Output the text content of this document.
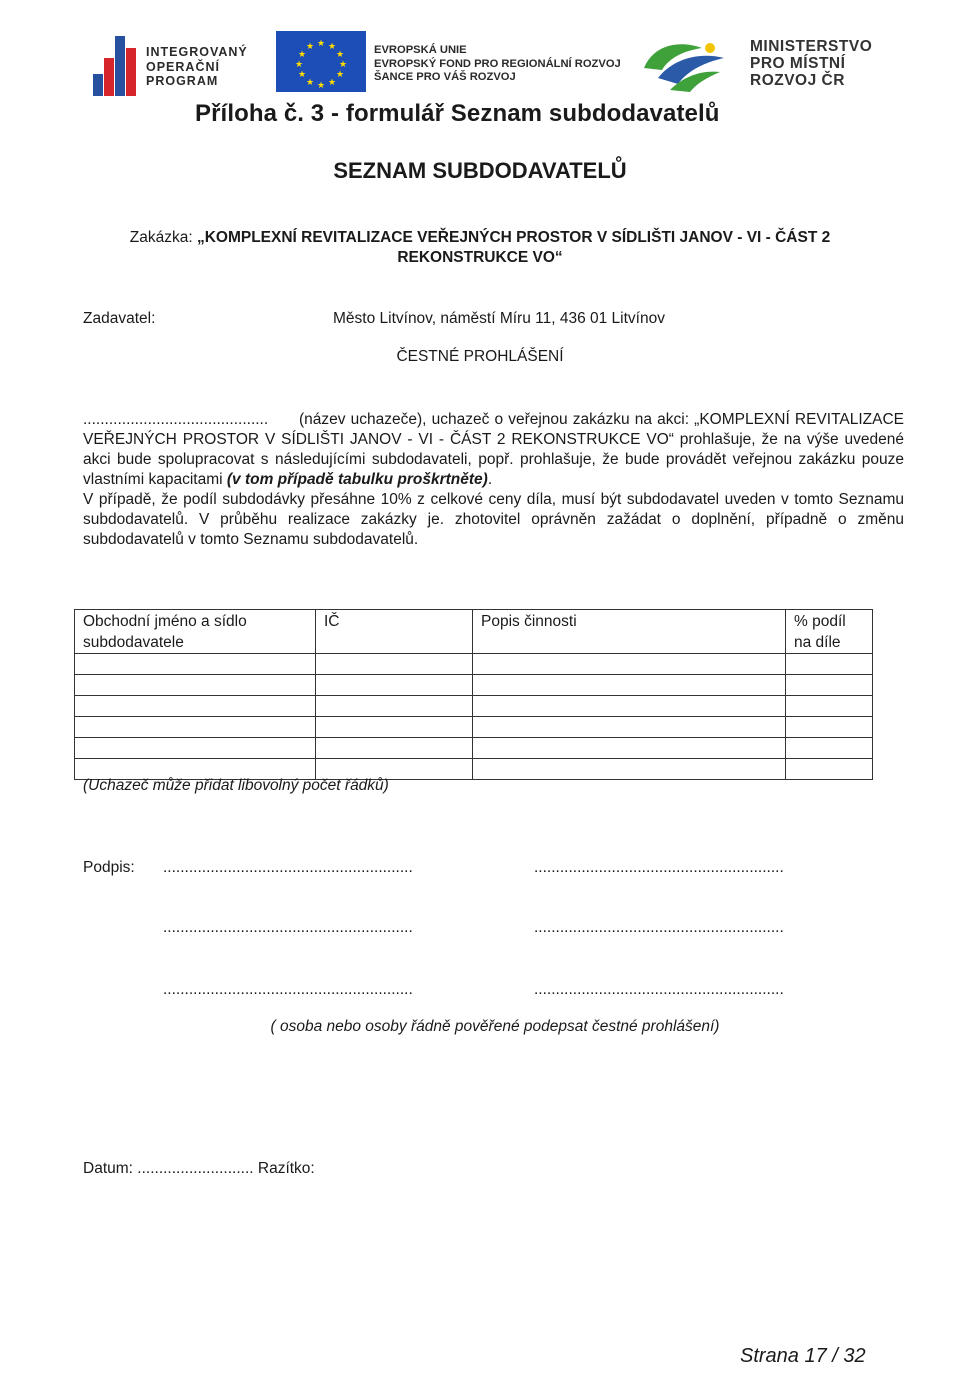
INTEGROVANÝ
OPERAČNÍ
PROGRAM
★ ★
★
★
★
★
★
★
★
★
★
★	EVROPSKÁ UNIE
EVROPSKÝ FOND PRO REGIONÁLNÍ ROZVOJ
ŠANCE PRO VÁŠ ROZVOJ
MINISTERSTVO
PRO MÍSTNÍ
ROZVOJ ČR
Příloha č. 3 - formulář Seznam subdodavatelů
SEZNAM SUBDODAVATELŮ
Zakázka: „KOMPLEXNÍ REVITALIZACE VEŘEJNÝCH PROSTOR V SÍDLIŠTI JANOV - VI - ČÁST 2
REKONSTRUKCE VO“
Zadavatel:	Město Litvínov, náměstí Míru 11, 436 01 Litvínov
ČESTNÉ PROHLÁŠENÍ

........................................... (název uchazeče), uchazeč o veřejnou zakázku na akci: „KOMPLEXNÍ REVITALIZACE VEŘEJNÝCH PROSTOR V SÍDLIŠTI JANOV - VI - ČÁST 2 REKONSTRUKCE VO“ prohlašuje, že na výše uvedené akci bude spolupracovat s následujícími subdodavateli, popř. prohlašuje, že bude provádět veřejnou zakázku pouze vlastními kapacitami (v tom případě tabulku proškrtněte).

V případě, že podíl subdodávky přesáhne 10% z celkové ceny díla, musí být subdodavatel uveden v tomto Seznamu subdodavatelů. V průběhu realizace zakázky je. zhotovitel oprávněn zažádat o doplnění, případně o změnu subdodavatelů v tomto Seznamu subdodavatelů.

Obchodní jméno a sídlo subdodavatele	IČ	Popis činnosti	% podíl na díle

(Uchazeč může přidat libovolný počet řádků)
Podpis: ..........................................................	..........................................................
..........................................................	..........................................................
..........................................................	..........................................................
( osoba nebo osoby řádně pověřené podepsat čestné prohlášení)
Datum: ........................... Razítko:
Strana 17 / 32
